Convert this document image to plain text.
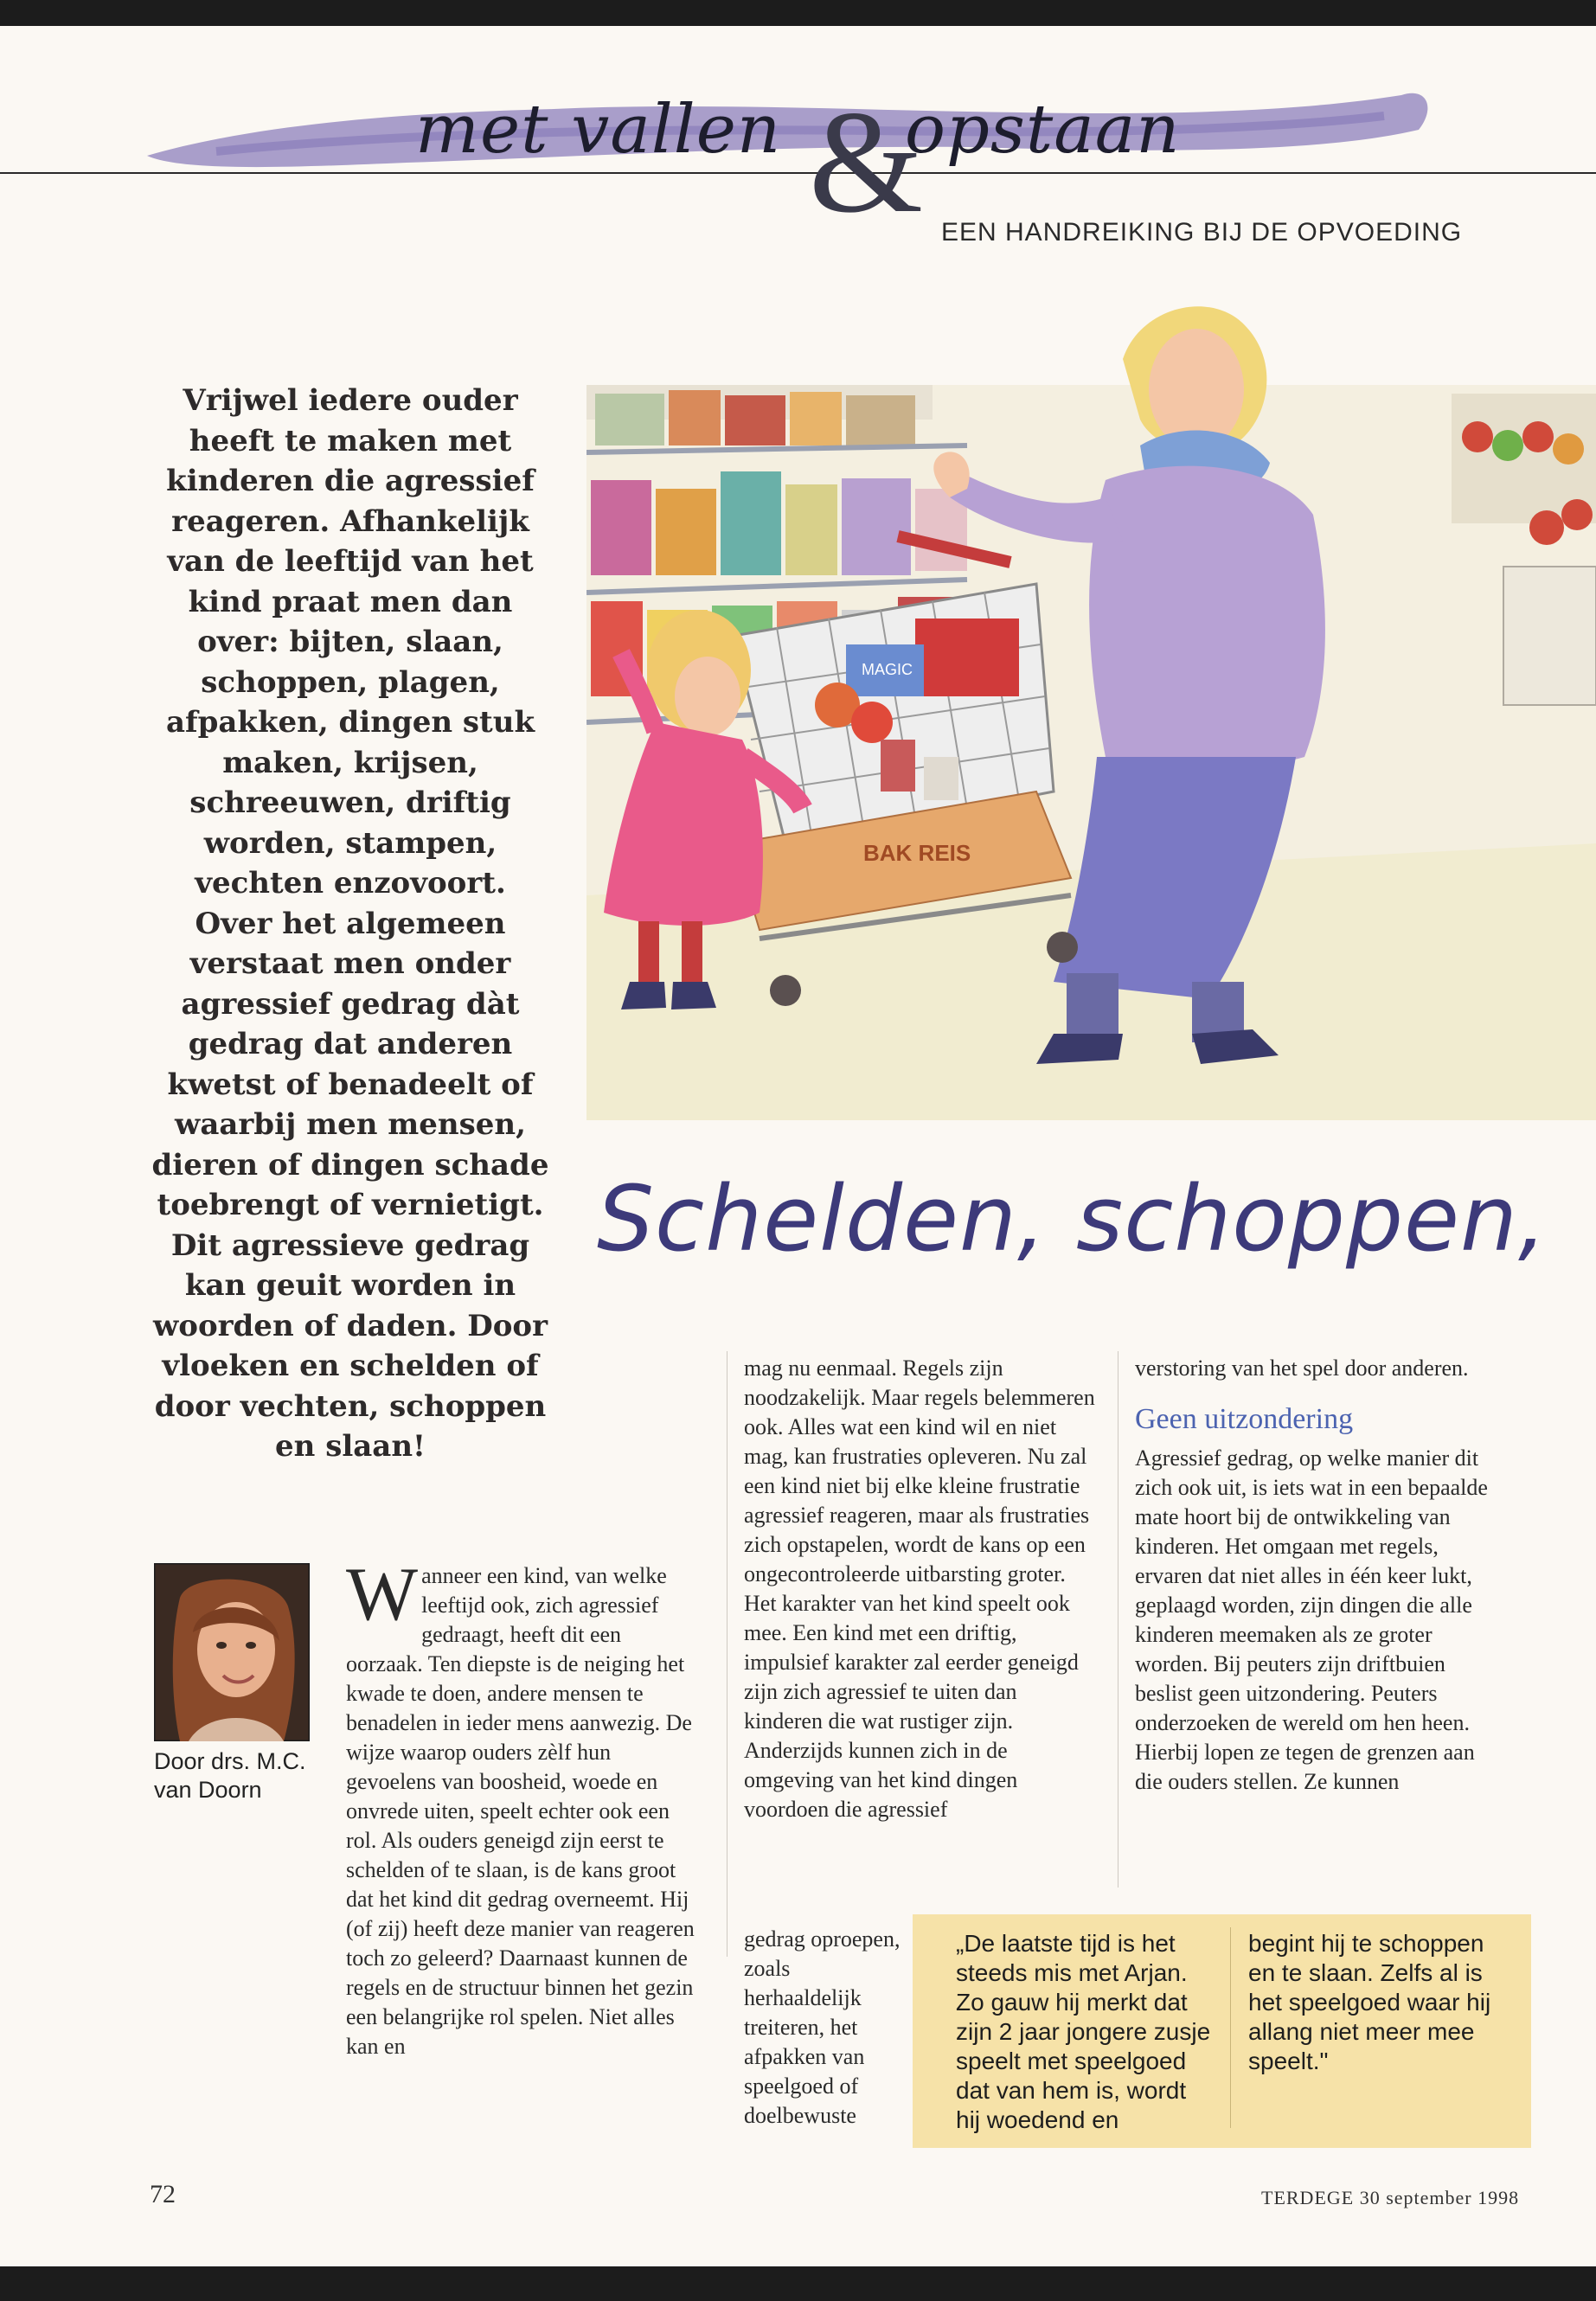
met vallen &
opstaan
EEN HANDREIKING BIJ DE OPVOEDING
Vrijwel iedere ouder heeft te maken met kinderen die agressief reageren. Afhankelijk van de leeftijd van het kind praat men dan over: bijten, slaan, schoppen, plagen, afpakken, dingen stuk maken, krijsen, schreeuwen, driftig worden, stampen, vechten enzovoort. Over het algemeen verstaat men onder agressief gedrag dàt gedrag dat anderen kwetst of benadeelt of waarbij men mensen, dieren of dingen schade toebrengt of vernietigt. Dit agressieve gedrag kan geuit worden in woorden of daden. Door vloeken en schelden of door vechten, schoppen en slaan!
MAGIC
BAK REIS
Schelden, schoppen,
Door drs. M.C.
van Doorn
Wanneer een kind, van welke leeftijd ook, zich agressief gedraagt, heeft dit een oorzaak. Ten diepste is de neiging het kwade te doen, andere mensen te benadelen in ieder mens aanwezig. De wijze waarop ouders zèlf hun gevoelens van boosheid, woede en onvrede uiten, speelt echter ook een rol. Als ouders geneigd zijn eerst te schelden of te slaan, is de kans groot dat het kind dit gedrag overneemt. Hij (of zij) heeft deze manier van reageren toch zo geleerd? Daarnaast kunnen de regels en de structuur binnen het gezin een belangrijke rol spelen. Niet alles kan en
mag nu eenmaal. Regels zijn noodzakelijk. Maar regels belemmeren ook. Alles wat een kind wil en niet mag, kan frustraties opleveren. Nu zal een kind niet bij elke kleine frustratie agressief reageren, maar als frustraties zich opstapelen, wordt de kans op een ongecontroleerde uitbarsting groter. Het karakter van het kind speelt ook mee. Een kind met een driftig, impulsief karakter zal eerder geneigd zijn zich agressief te uiten dan kinderen die wat rustiger zijn. Anderzijds kunnen zich in de omgeving van het kind dingen voordoen die agressief
gedrag oproepen, zoals herhaaldelijk treiteren, het afpakken van speelgoed of doelbewuste

verstoring van het spel door anderen.

Geen uitzondering

Agressief gedrag, op welke manier dit zich ook uit, is iets wat in een bepaalde mate hoort bij de ontwikkeling van kinderen. Het omgaan met regels, ervaren dat niet alles in één keer lukt, geplaagd worden, zijn dingen die alle kinderen meemaken als ze groter worden. Bij peuters zijn driftbuien beslist geen uitzondering. Peuters onderzoeken de wereld om hen heen. Hierbij lopen ze tegen de grenzen aan die ouders stellen. Ze kunnen

„De laatste tijd is het steeds mis met Arjan. Zo gauw hij merkt dat zijn 2 jaar jongere zusje speelt met speelgoed dat van hem is, wordt hij woedend en
begint hij te schoppen en te slaan. Zelfs al is het speelgoed waar hij allang niet meer mee speelt."
72	TERDEGE 30 september 1998
